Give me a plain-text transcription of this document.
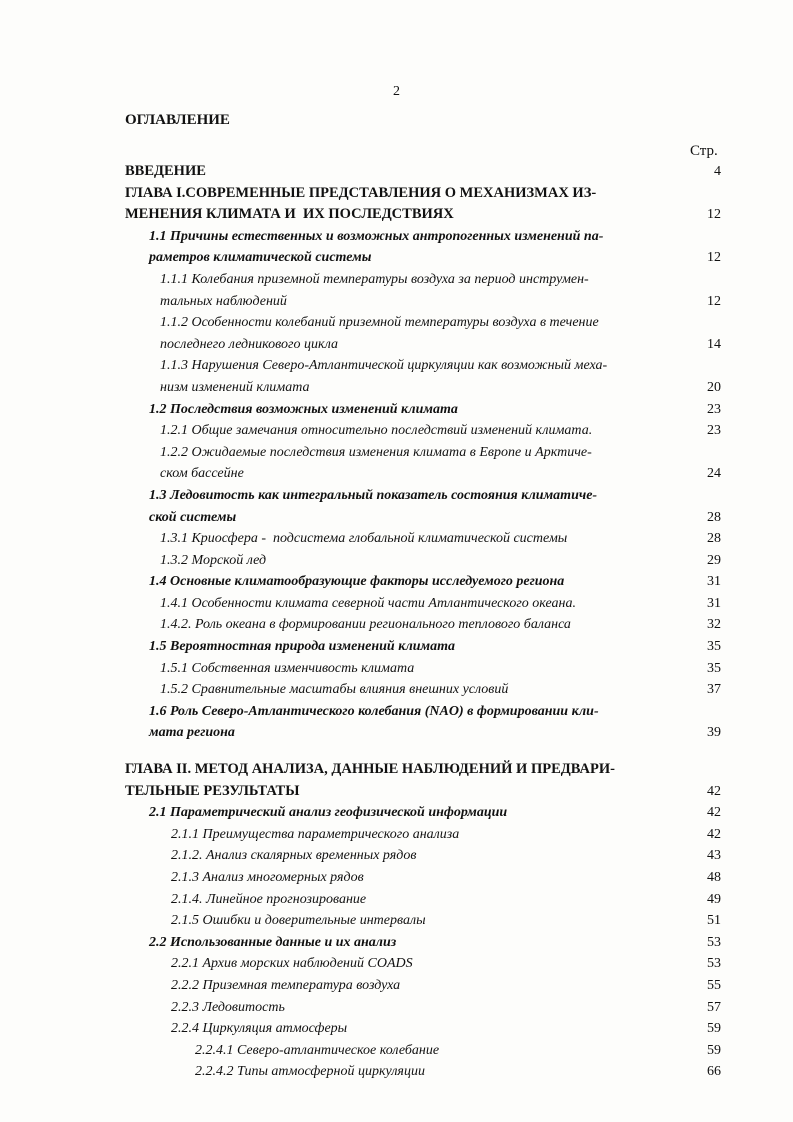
2
ОГЛАВЛЕНИЕ
Стр.
ВВЕДЕНИЕ	4
ГЛАВА I.СОВРЕМЕННЫЕ ПРЕДСТАВЛЕНИЯ О МЕХАНИЗМАХ ИЗ-
МЕНЕНИЯ КЛИМАТА И  ИХ ПОСЛЕДСТВИЯХ	12
1.1 Причины естественных и возможных антропогенных изменений па-
раметров климатической системы	12
1.1.1 Колебания приземной температуры воздуха за период инструмен-
тальных наблюдений	12
1.1.2 Особенности колебаний приземной температуры воздуха в течение
последнего ледникового цикла	14
1.1.3 Нарушения Северо-Атлантической циркуляции как возможный меха-
низм изменений климата	20
1.2 Последствия возможных изменений климата	23
1.2.1 Общие замечания относительно последствий изменений климата.	23
1.2.2 Ожидаемые последствия изменения климата в Европе и Арктиче-
ском бассейне	24
1.3 Ледовитость как интегральный показатель состояния климатиче-
ской системы	28
1.3.1 Криосфера -  подсистема глобальной климатической системы	28
1.3.2 Морской лед	29
1.4 Основные климатообразующие факторы исследуемого региона	31
1.4.1 Особенности климата северной части Атлантического океана.	31
1.4.2. Роль океана в формировании регионального теплового баланса	32
1.5 Вероятностная природа изменений климата	35
1.5.1 Собственная изменчивость климата	35
1.5.2 Сравнительные масштабы влияния внешних условий	37
1.6 Роль Северо-Атлантического колебания (NAO) в формировании кли-
мата региона	39
ГЛАВА II. МЕТОД АНАЛИЗА, ДАННЫЕ НАБЛЮДЕНИЙ И ПРЕДВАРИ-
ТЕЛЬНЫЕ РЕЗУЛЬТАТЫ	42
2.1 Параметрический анализ геофизической информации	42
2.1.1 Преимущества параметрического анализа	42
2.1.2. Анализ скалярных временных рядов	43
2.1.3 Анализ многомерных рядов	48
2.1.4. Линейное прогнозирование	49
2.1.5 Ошибки и доверительные интервалы	51
2.2 Использованные данные и их анализ	53
2.2.1 Архив морских наблюдений COADS	53
2.2.2 Приземная температура воздуха	55
2.2.3 Ледовитость	57
2.2.4 Циркуляция атмосферы	59
2.2.4.1 Северо-атлантическое колебание	59
2.2.4.2 Типы атмосферной циркуляции	66
